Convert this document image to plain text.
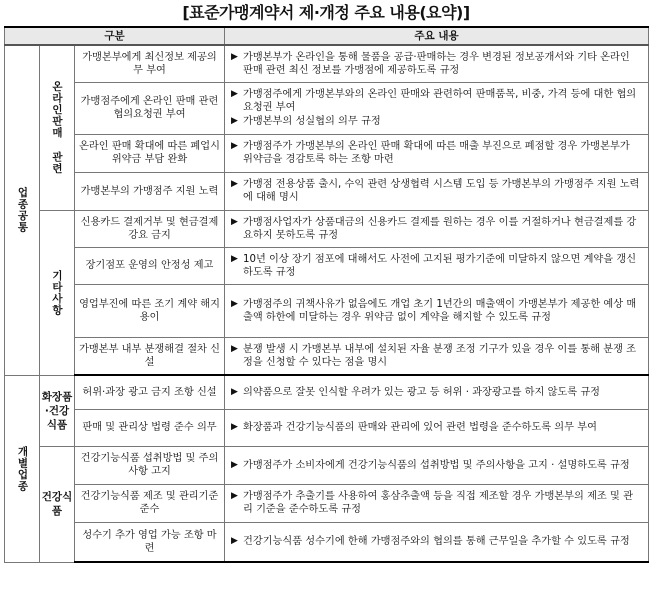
[표준가맹계약서 제·개정 주요 내용(요약)]
구분			주요 내용

업종공통	온라인판매 관련	가맹본부에게 최신정보 제공의무 부여	▶ 가맹본부가 온라인을 통해 물품을 공급·판매하는 경우 변경된 정보공개서와 기타 온라인 판매 관련 최신 정보를 가맹점에 제공하도록 규정

		가맹점주에게 온라인 판매 관련 협의요청권 부여	▶ 가맹점주에게 가맹본부와의 온라인 판매와 관련하여 판매품목, 비중, 가격 등에 대한 협의 요청권 부여
▶ 가맹본부의 성실협의 의무 규정

		온라인 판매 확대에 따른 폐업시 위약금 부담 완화	▶ 가맹점주가 가맹본부의 온라인 판매 확대에 따른 매출 부진으로 폐점할 경우 가맹본부가 위약금을 경감토록 하는 조항 마련

		가맹본부의 가맹점주 지원 노력	▶ 가맹점 전용상품 출시, 수익 관련 상생협력 시스템 도입 등 가맹본부의 가맹점주 지원 노력에 대해 명시

	기타사항	신용카드 결제거부 및 현금결제 강요 금지	▶ 가맹점사업자가 상품대금의 신용카드 결제를 원하는 경우 이를 거절하거나 현금결제를 강요하지 못하도록 규정

		장기점포 운영의 안정성 제고	▶ 10년 이상 장기 점포에 대해서도 사전에 고지된 평가기준에 미달하지 않으면 계약을 갱신하도록 규정

		영업부진에 따른 조기 계약 해지 용이	▶ 가맹점주의 귀책사유가 없음에도 개업 초기 1년간의 매출액이 가맹본부가 제공한 예상 매출액 하한에 미달하는 경우 위약금 없이 계약을 해지할 수 있도록 규정

		가맹본부 내부 분쟁해결 절차 신설	▶ 분쟁 발생 시 가맹본부 내부에 설치된 자율 분쟁 조정 기구가 있을 경우 이를 통해 분쟁 조정을 신청할 수 있다는 점을 명시

개별업종	화장품·건강식품	허위·과장 광고 금지 조항 신설	▶ 의약품으로 잘못 인식할 우려가 있는 광고 등 허위 · 과장광고를 하지 않도록 규정

		판매 및 관리상 법령 준수 의무	▶ 화장품과 건강기능식품의 판매와 관리에 있어 관련 법령을 준수하도록 의무 부여

	건강식품	건강기능식품 섭취방법 및 주의사항 고지	▶ 가맹점주가 소비자에게 건강기능식품의 섭취방법 및 주의사항을 고지 · 설명하도록 규정

		건강기능식품 제조 및 관리기준 준수	▶ 가맹점주가 추출기를 사용하여 홍삼추출액 등을 직접 제조할 경우 가맹본부의 제조 및 관리 기준을 준수하도록 규정

		성수기 추가 영업 가능 조항 마련	▶ 건강기능식품 성수기에 한해 가맹점주와의 협의를 통해 근무일을 추가할 수 있도록 규정
